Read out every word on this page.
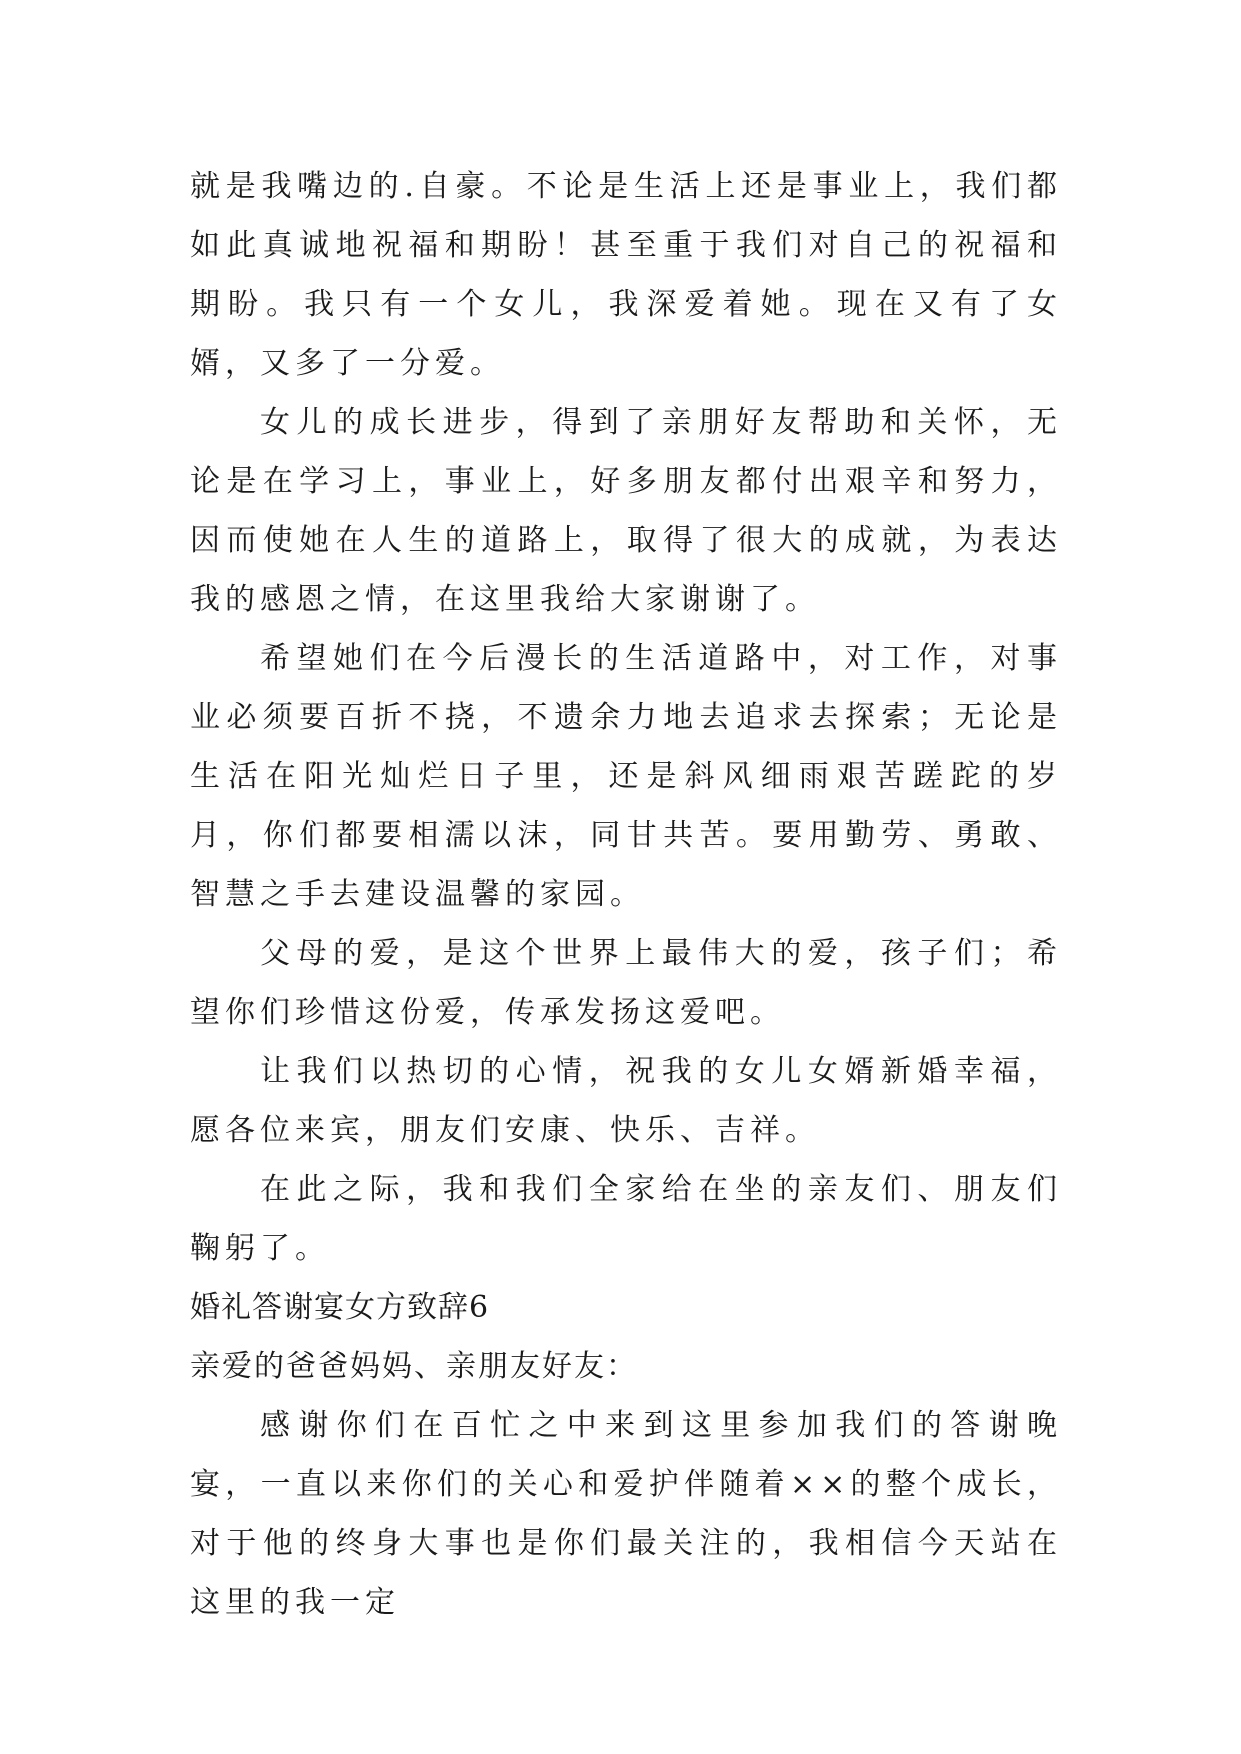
就是我嘴边的.自豪。不论是生活上还是事业上，我们都如此真诚地祝福和期盼！甚至重于我们对自己的祝福和期盼。我只有一个女儿，我深爱着她。现在又有了女婿，又多了一分爱。

女儿的成长进步，得到了亲朋好友帮助和关怀，无论是在学习上，事业上，好多朋友都付出艰辛和努力，因而使她在人生的道路上，取得了很大的成就，为表达我的感恩之情，在这里我给大家谢谢了。

希望她们在今后漫长的生活道路中，对工作，对事业必须要百折不挠，不遗余力地去追求去探索；无论是生活在阳光灿烂日子里，还是斜风细雨艰苦蹉跎的岁月，你们都要相濡以沫，同甘共苦。要用勤劳、勇敢、智慧之手去建设温馨的家园。

父母的爱，是这个世界上最伟大的爱，孩子们；希望你们珍惜这份爱，传承发扬这爱吧。

让我们以热切的心情，祝我的女儿女婿新婚幸福，愿各位来宾，朋友们安康、快乐、吉祥。

在此之际，我和我们全家给在坐的亲友们、朋友们鞠躬了。

婚礼答谢宴女方致辞6

亲爱的爸爸妈妈、亲朋友好友：

感谢你们在百忙之中来到这里参加我们的答谢晚宴，一直以来你们的关心和爱护伴随着××的整个成长，对于他的终身大事也是你们最关注的，我相信今天站在这里的我一定
